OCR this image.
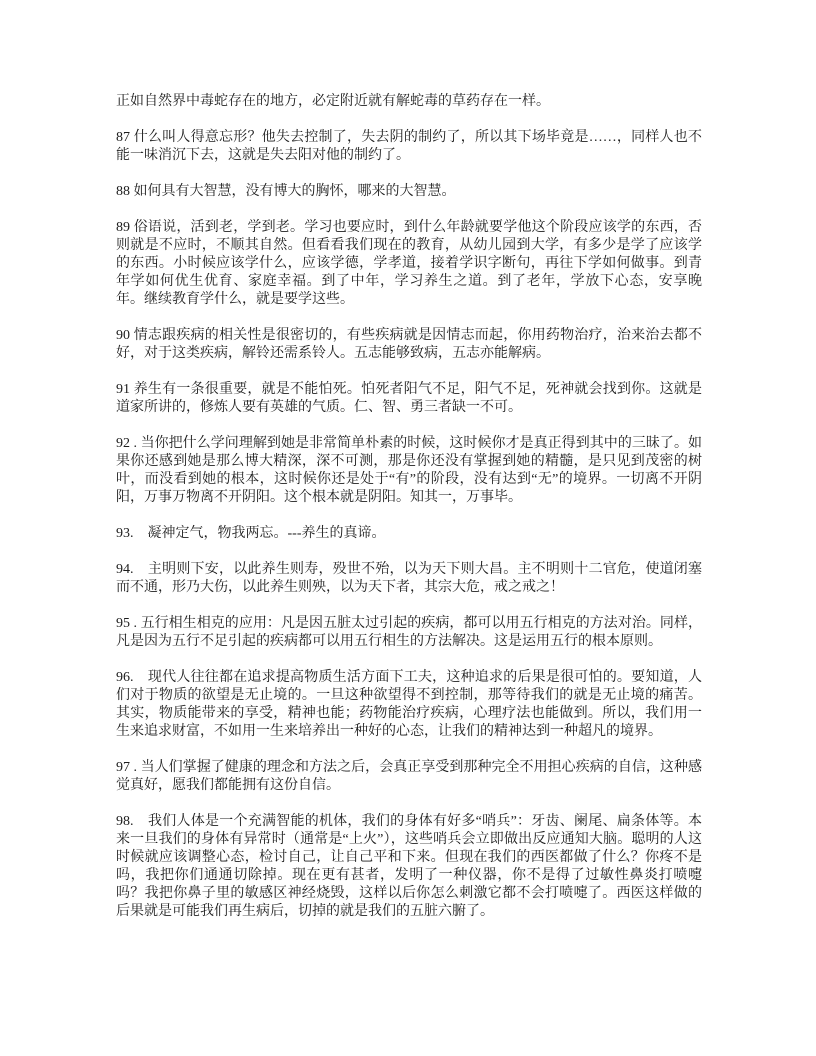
正如自然界中毒蛇存在的地方，必定附近就有解蛇毒的草药存在一样。

87 什么叫人得意忘形？他失去控制了，失去阴的制约了，所以其下场毕竟是……，同样人也不能一味消沉下去，这就是失去阳对他的制约了。

88 如何具有大智慧，没有博大的胸怀，哪来的大智慧。

89 俗语说，活到老，学到老。学习也要应时，到什么年龄就要学他这个阶段应该学的东西，否则就是不应时，不顺其自然。但看看我们现在的教育，从幼儿园到大学，有多少是学了应该学的东西。小时候应该学什么，应该学德，学孝道，接着学识字断句，再往下学如何做事。到青年学如何优生优育、家庭幸福。到了中年，学习养生之道。到了老年，学放下心态，安享晚年。继续教育学什么，就是要学这些。

90 情志跟疾病的相关性是很密切的，有些疾病就是因情志而起，你用药物治疗，治来治去都不好，对于这类疾病，解铃还需系铃人。五志能够致病，五志亦能解病。

91 养生有一条很重要，就是不能怕死。怕死者阳气不足，阳气不足，死神就会找到你。这就是道家所讲的，修炼人要有英雄的气质。仁、智、勇三者缺一不可。

92 . 当你把什么学问理解到她是非常简单朴素的时候，这时候你才是真正得到其中的三昧了。如果你还感到她是那么博大精深，深不可测，那是你还没有掌握到她的精髓，是只见到茂密的树叶，而没看到她的根本，这时候你还是处于“有”的阶段，没有达到“无”的境界。一切离不开阴阳，万事万物离不开阴阳。这个根本就是阴阳。知其一，万事毕。

93.　凝神定气，物我两忘。---养生的真谛。

94.　主明则下安，以此养生则寿，殁世不殆，以为天下则大昌。主不明则十二官危，使道闭塞而不通，形乃大伤，以此养生则殃，以为天下者，其宗大危，戒之戒之！

95 . 五行相生相克的应用：凡是因五脏太过引起的疾病，都可以用五行相克的方法对治。同样，凡是因为五行不足引起的疾病都可以用五行相生的方法解决。这是运用五行的根本原则。

96.　现代人往往都在追求提高物质生活方面下工夫，这种追求的后果是很可怕的。要知道，人们对于物质的欲望是无止境的。一旦这种欲望得不到控制，那等待我们的就是无止境的痛苦。其实，物质能带来的享受，精神也能；药物能治疗疾病，心理疗法也能做到。所以，我们用一生来追求财富，不如用一生来培养出一种好的心态，让我们的精神达到一种超凡的境界。

97 . 当人们掌握了健康的理念和方法之后，会真正享受到那种完全不用担心疾病的自信，这种感觉真好，愿我们都能拥有这份自信。

98.　我们人体是一个充满智能的机体，我们的身体有好多“哨兵”：牙齿、阑尾、扁条体等。本来一旦我们的身体有异常时（通常是“上火”），这些哨兵会立即做出反应通知大脑。聪明的人这时候就应该调整心态，检讨自己，让自己平和下来。但现在我们的西医都做了什么？你疼不是吗，我把你们通通切除掉。现在更有甚者，发明了一种仪器，你不是得了过敏性鼻炎打喷嚏吗？我把你鼻子里的敏感区神经烧毁，这样以后你怎么刺激它都不会打喷嚏了。西医这样做的后果就是可能我们再生病后，切掉的就是我们的五脏六腑了。
